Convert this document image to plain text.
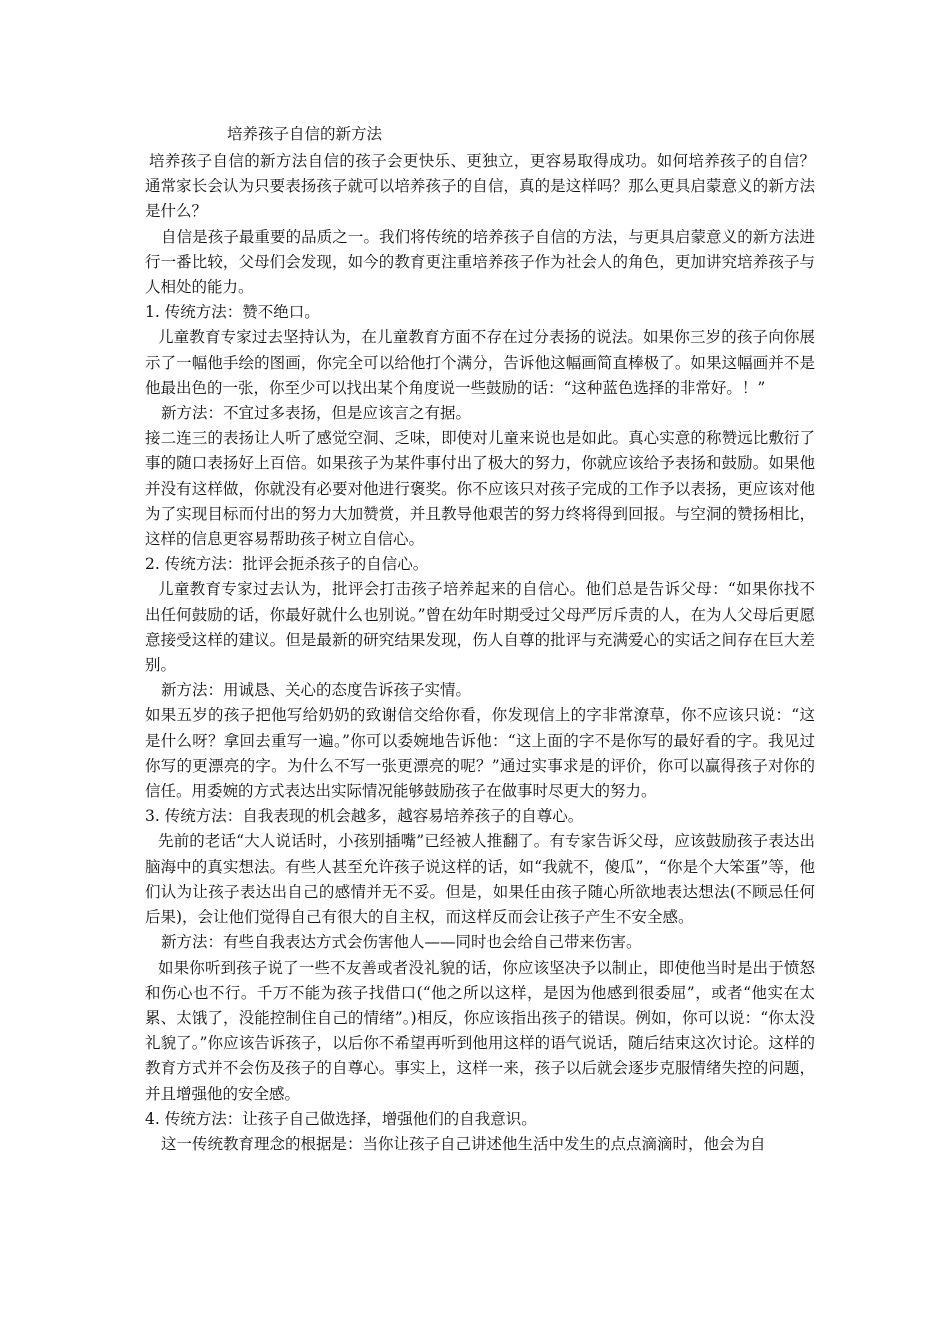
培养孩子自信的新方法

培养孩子自信的新方法自信的孩子会更快乐、更独立，更容易取得成功。如何培养孩子的自信？通常家长会认为只要表扬孩子就可以培养孩子的自信，真的是这样吗？那么更具启蒙意义的新方法是什么？

自信是孩子最重要的品质之一。我们将传统的培养孩子自信的方法，与更具启蒙意义的新方法进行一番比较，父母们会发现，如今的教育更注重培养孩子作为社会人的角色，更加讲究培养孩子与人相处的能力。

1. 传统方法：赞不绝口。

儿童教育专家过去坚持认为，在儿童教育方面不存在过分表扬的说法。如果你三岁的孩子向你展示了一幅他手绘的图画，你完全可以给他打个满分，告诉他这幅画简直棒极了。如果这幅画并不是他最出色的一张，你至少可以找出某个角度说一些鼓励的话：“这种蓝色选择的非常好。！”

新方法：不宜过多表扬，但是应该言之有据。

接二连三的表扬让人听了感觉空洞、乏味，即使对儿童来说也是如此。真心实意的称赞远比敷衍了事的随口表扬好上百倍。如果孩子为某件事付出了极大的努力，你就应该给予表扬和鼓励。如果他并没有这样做，你就没有必要对他进行褒奖。你不应该只对孩子完成的工作予以表扬，更应该对他为了实现目标而付出的努力大加赞赏，并且教导他艰苦的努力终将得到回报。与空洞的赞扬相比，这样的信息更容易帮助孩子树立自信心。

2. 传统方法：批评会扼杀孩子的自信心。

儿童教育专家过去认为，批评会打击孩子培养起来的自信心。他们总是告诉父母：“如果你找不出任何鼓励的话，你最好就什么也别说。”曾在幼年时期受过父母严厉斥责的人，在为人父母后更愿意接受这样的建议。但是最新的研究结果发现，伤人自尊的批评与充满爱心的实话之间存在巨大差别。

新方法：用诚恳、关心的态度告诉孩子实情。

如果五岁的孩子把他写给奶奶的致谢信交给你看，你发现信上的字非常潦草，你不应该只说：“这是什么呀？拿回去重写一遍。”你可以委婉地告诉他：“这上面的字不是你写的最好看的字。我见过你写的更漂亮的字。为什么不写一张更漂亮的呢？”通过实事求是的评价，你可以赢得孩子对你的信任。用委婉的方式表达出实际情况能够鼓励孩子在做事时尽更大的努力。

3. 传统方法：自我表现的机会越多，越容易培养孩子的自尊心。

先前的老话“大人说话时，小孩别插嘴”已经被人推翻了。有专家告诉父母，应该鼓励孩子表达出脑海中的真实想法。有些人甚至允许孩子说这样的话，如“我就不，傻瓜”，“你是个大笨蛋”等，他们认为让孩子表达出自己的感情并无不妥。但是，如果任由孩子随心所欲地表达想法(不顾忌任何后果)，会让他们觉得自己有很大的自主权，而这样反而会让孩子产生不安全感。

新方法：有些自我表达方式会伤害他人——同时也会给自己带来伤害。

如果你听到孩子说了一些不友善或者没礼貌的话，你应该坚决予以制止，即使他当时是出于愤怒和伤心也不行。千万不能为孩子找借口(“他之所以这样，是因为他感到很委屈”，或者“他实在太累、太饿了，没能控制住自己的情绪”。)相反，你应该指出孩子的错误。例如，你可以说：“你太没礼貌了。”你应该告诉孩子，以后你不希望再听到他用这样的语气说话，随后结束这次讨论。这样的教育方式并不会伤及孩子的自尊心。事实上，这样一来，孩子以后就会逐步克服情绪失控的问题，并且增强他的安全感。

4. 传统方法：让孩子自己做选择，增强他们的自我意识。

这一传统教育理念的根据是：当你让孩子自己讲述他生活中发生的点点滴滴时，他会为自
